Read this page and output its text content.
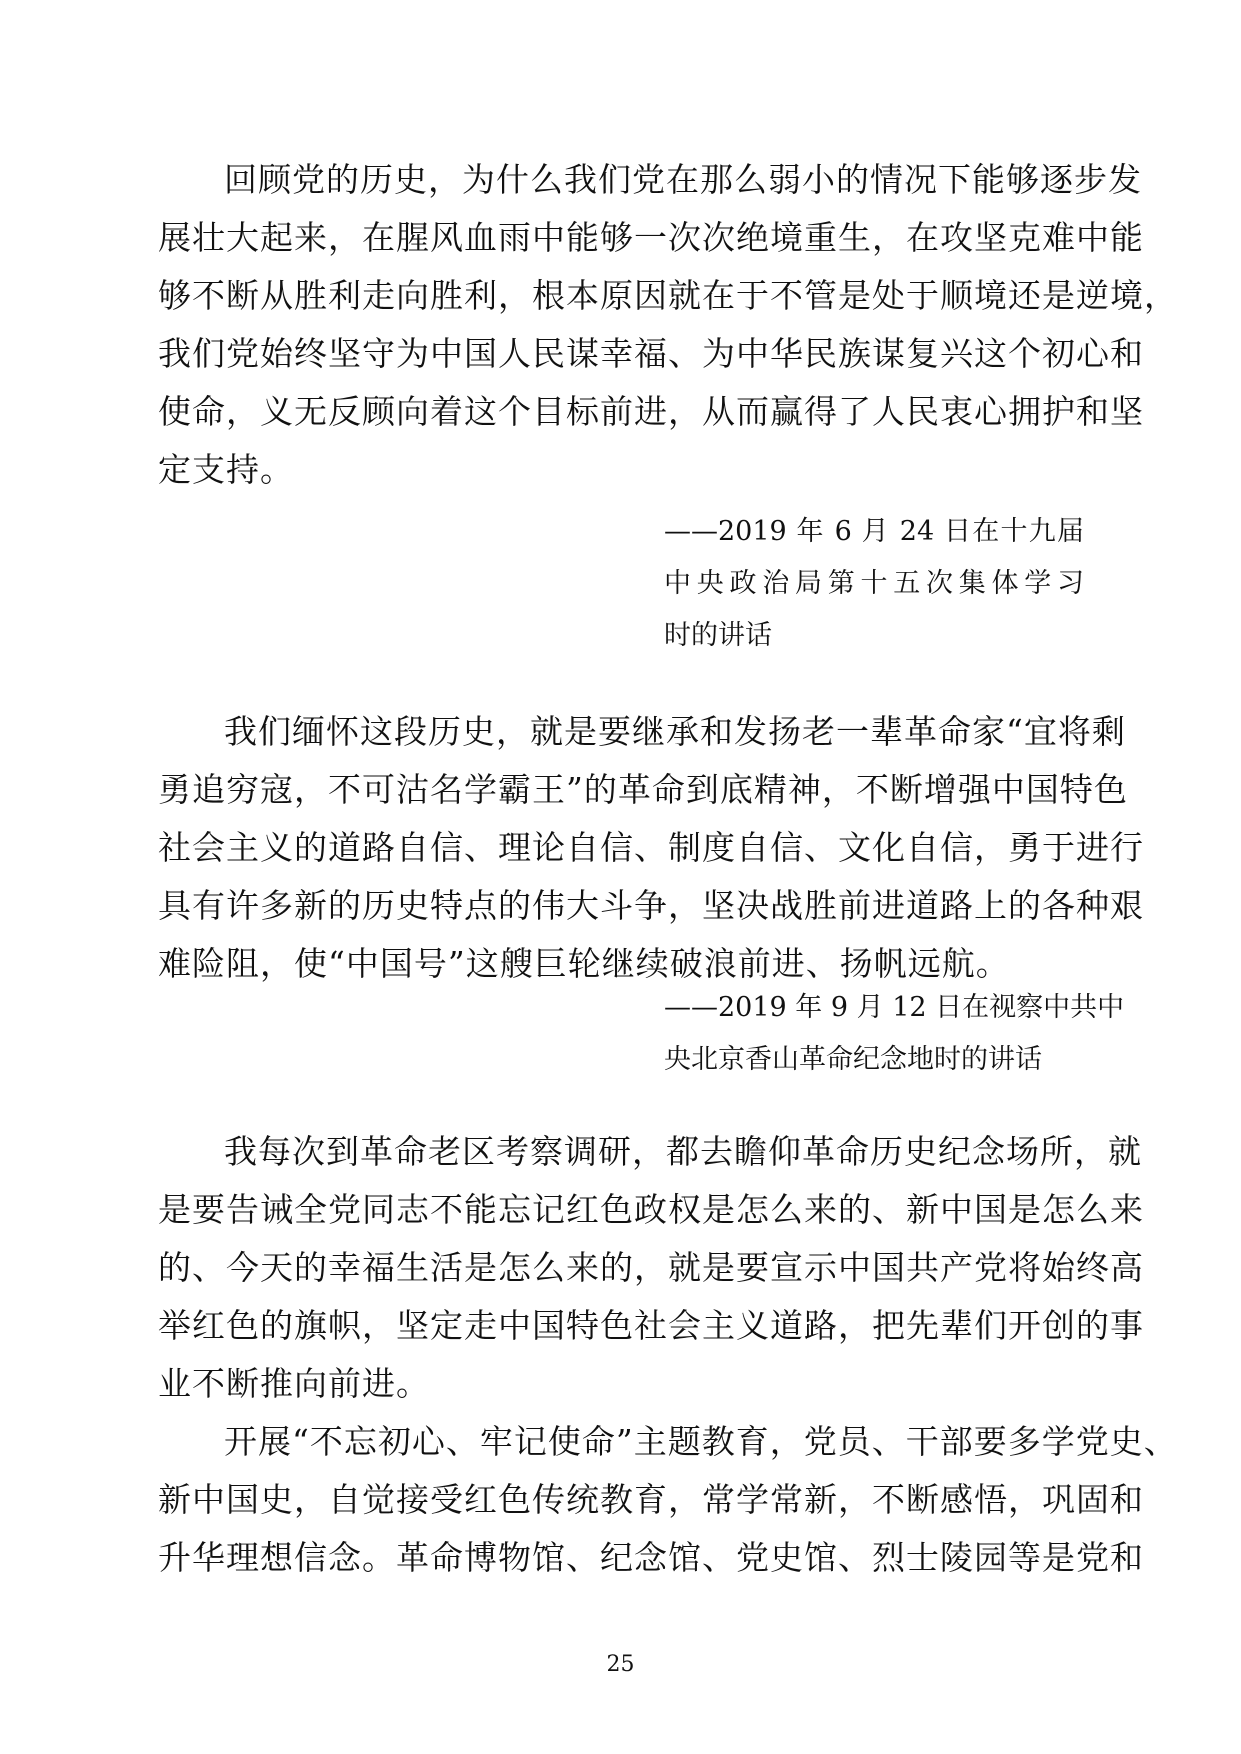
回顾党的历史，为什么我们党在那么弱小的情况下能够逐步发
展壮大起来，在腥风血雨中能够一次次绝境重生，在攻坚克难中能
够不断从胜利走向胜利，根本原因就在于不管是处于顺境还是逆境，
我们党始终坚守为中国人民谋幸福、为中华民族谋复兴这个初心和
使命，义无反顾向着这个目标前进，从而赢得了人民衷心拥护和坚
定支持。
——2019 年 6 月 24 日在十九届
中央政治局第十五次集体学习
时的讲话
我们缅怀这段历史，就是要继承和发扬老一辈革命家“宜将剩
勇追穷寇，不可沽名学霸王”的革命到底精神，不断增强中国特色
社会主义的道路自信、理论自信、制度自信、文化自信，勇于进行
具有许多新的历史特点的伟大斗争，坚决战胜前进道路上的各种艰
难险阻，使“中国号”这艘巨轮继续破浪前进、扬帆远航。
——2019 年 9 月 12 日在视察中共中
央北京香山革命纪念地时的讲话
我每次到革命老区考察调研，都去瞻仰革命历史纪念场所，就
是要告诫全党同志不能忘记红色政权是怎么来的、新中国是怎么来
的、今天的幸福生活是怎么来的，就是要宣示中国共产党将始终高
举红色的旗帜，坚定走中国特色社会主义道路，把先辈们开创的事
业不断推向前进。
开展“不忘初心、牢记使命”主题教育，党员、干部要多学党史、
新中国史，自觉接受红色传统教育，常学常新，不断感悟，巩固和
升华理想信念。革命博物馆、纪念馆、党史馆、烈士陵园等是党和
25
